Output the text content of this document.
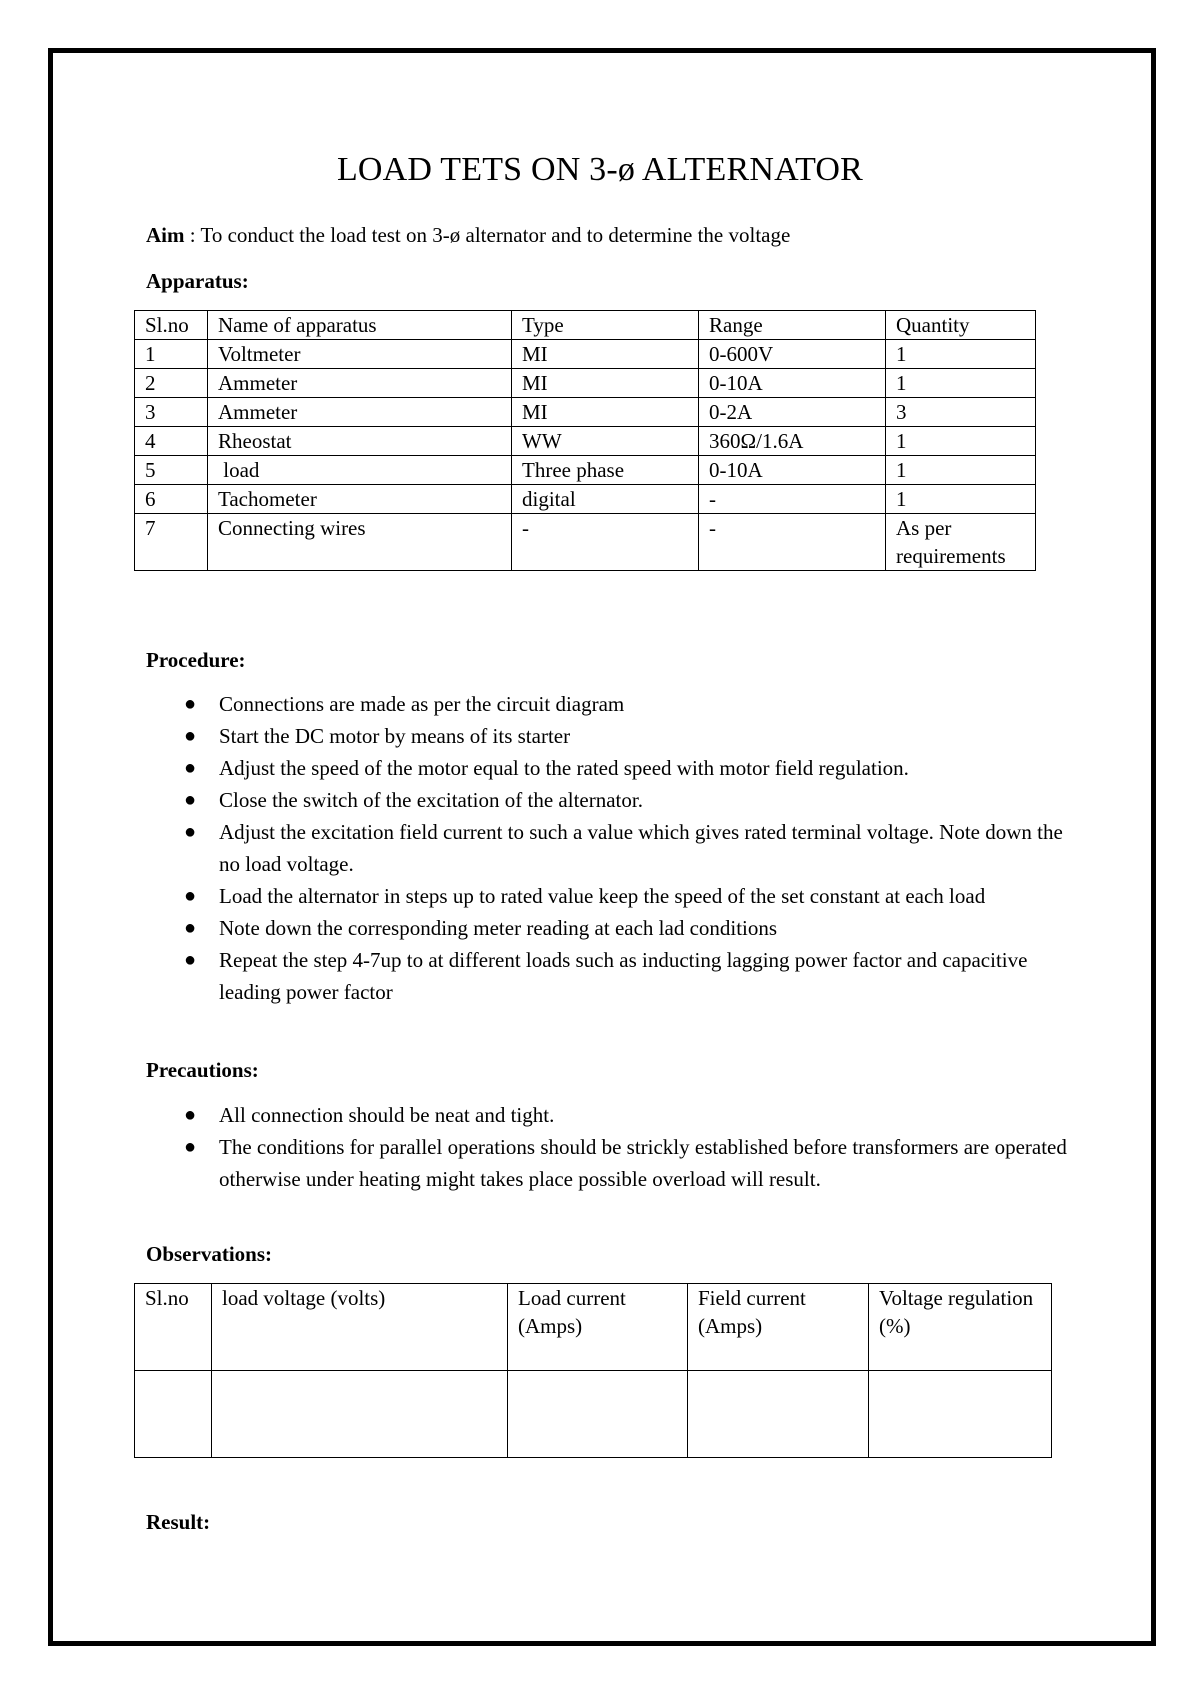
LOAD TETS ON 3-ø ALTERNATOR
Aim : To conduct the load test on 3-ø alternator and to determine the voltage
Apparatus:
Sl.no	Name of apparatus	Type	Range	Quantity
1	Voltmeter	MI	0-600V	1
2	Ammeter	MI	0-10A	1
3	Ammeter	MI	0-2A	3
4	Rheostat	WW	360Ω/1.6A	1
5	load	Three phase	0-10A	1
6	Tachometer	digital	-	1
7	Connecting wires	-	-	As per requirements
Procedure:
● Connections are made as per the circuit diagram
● Start the DC motor by means of its starter
● Adjust the speed of the motor equal to the rated speed with motor field regulation.
● Close the switch of the excitation of the alternator.
● Adjust the excitation field current to such a value which gives rated terminal voltage. Note down the no load voltage.
● Load the alternator in steps up to rated value keep the speed of the set constant at each load
● Note down the corresponding meter reading at each lad conditions
● Repeat the step 4-7up to at different loads such as inducting lagging power factor and capacitive leading power factor
Precautions:
● All connection should be neat and tight.
● The conditions for parallel operations should be strickly established before transformers are operated otherwise under heating might takes place possible overload will result.
Observations:
Sl.no	load voltage (volts)	Load current (Amps)	Field current (Amps)	Voltage regulation (%)

Result:
